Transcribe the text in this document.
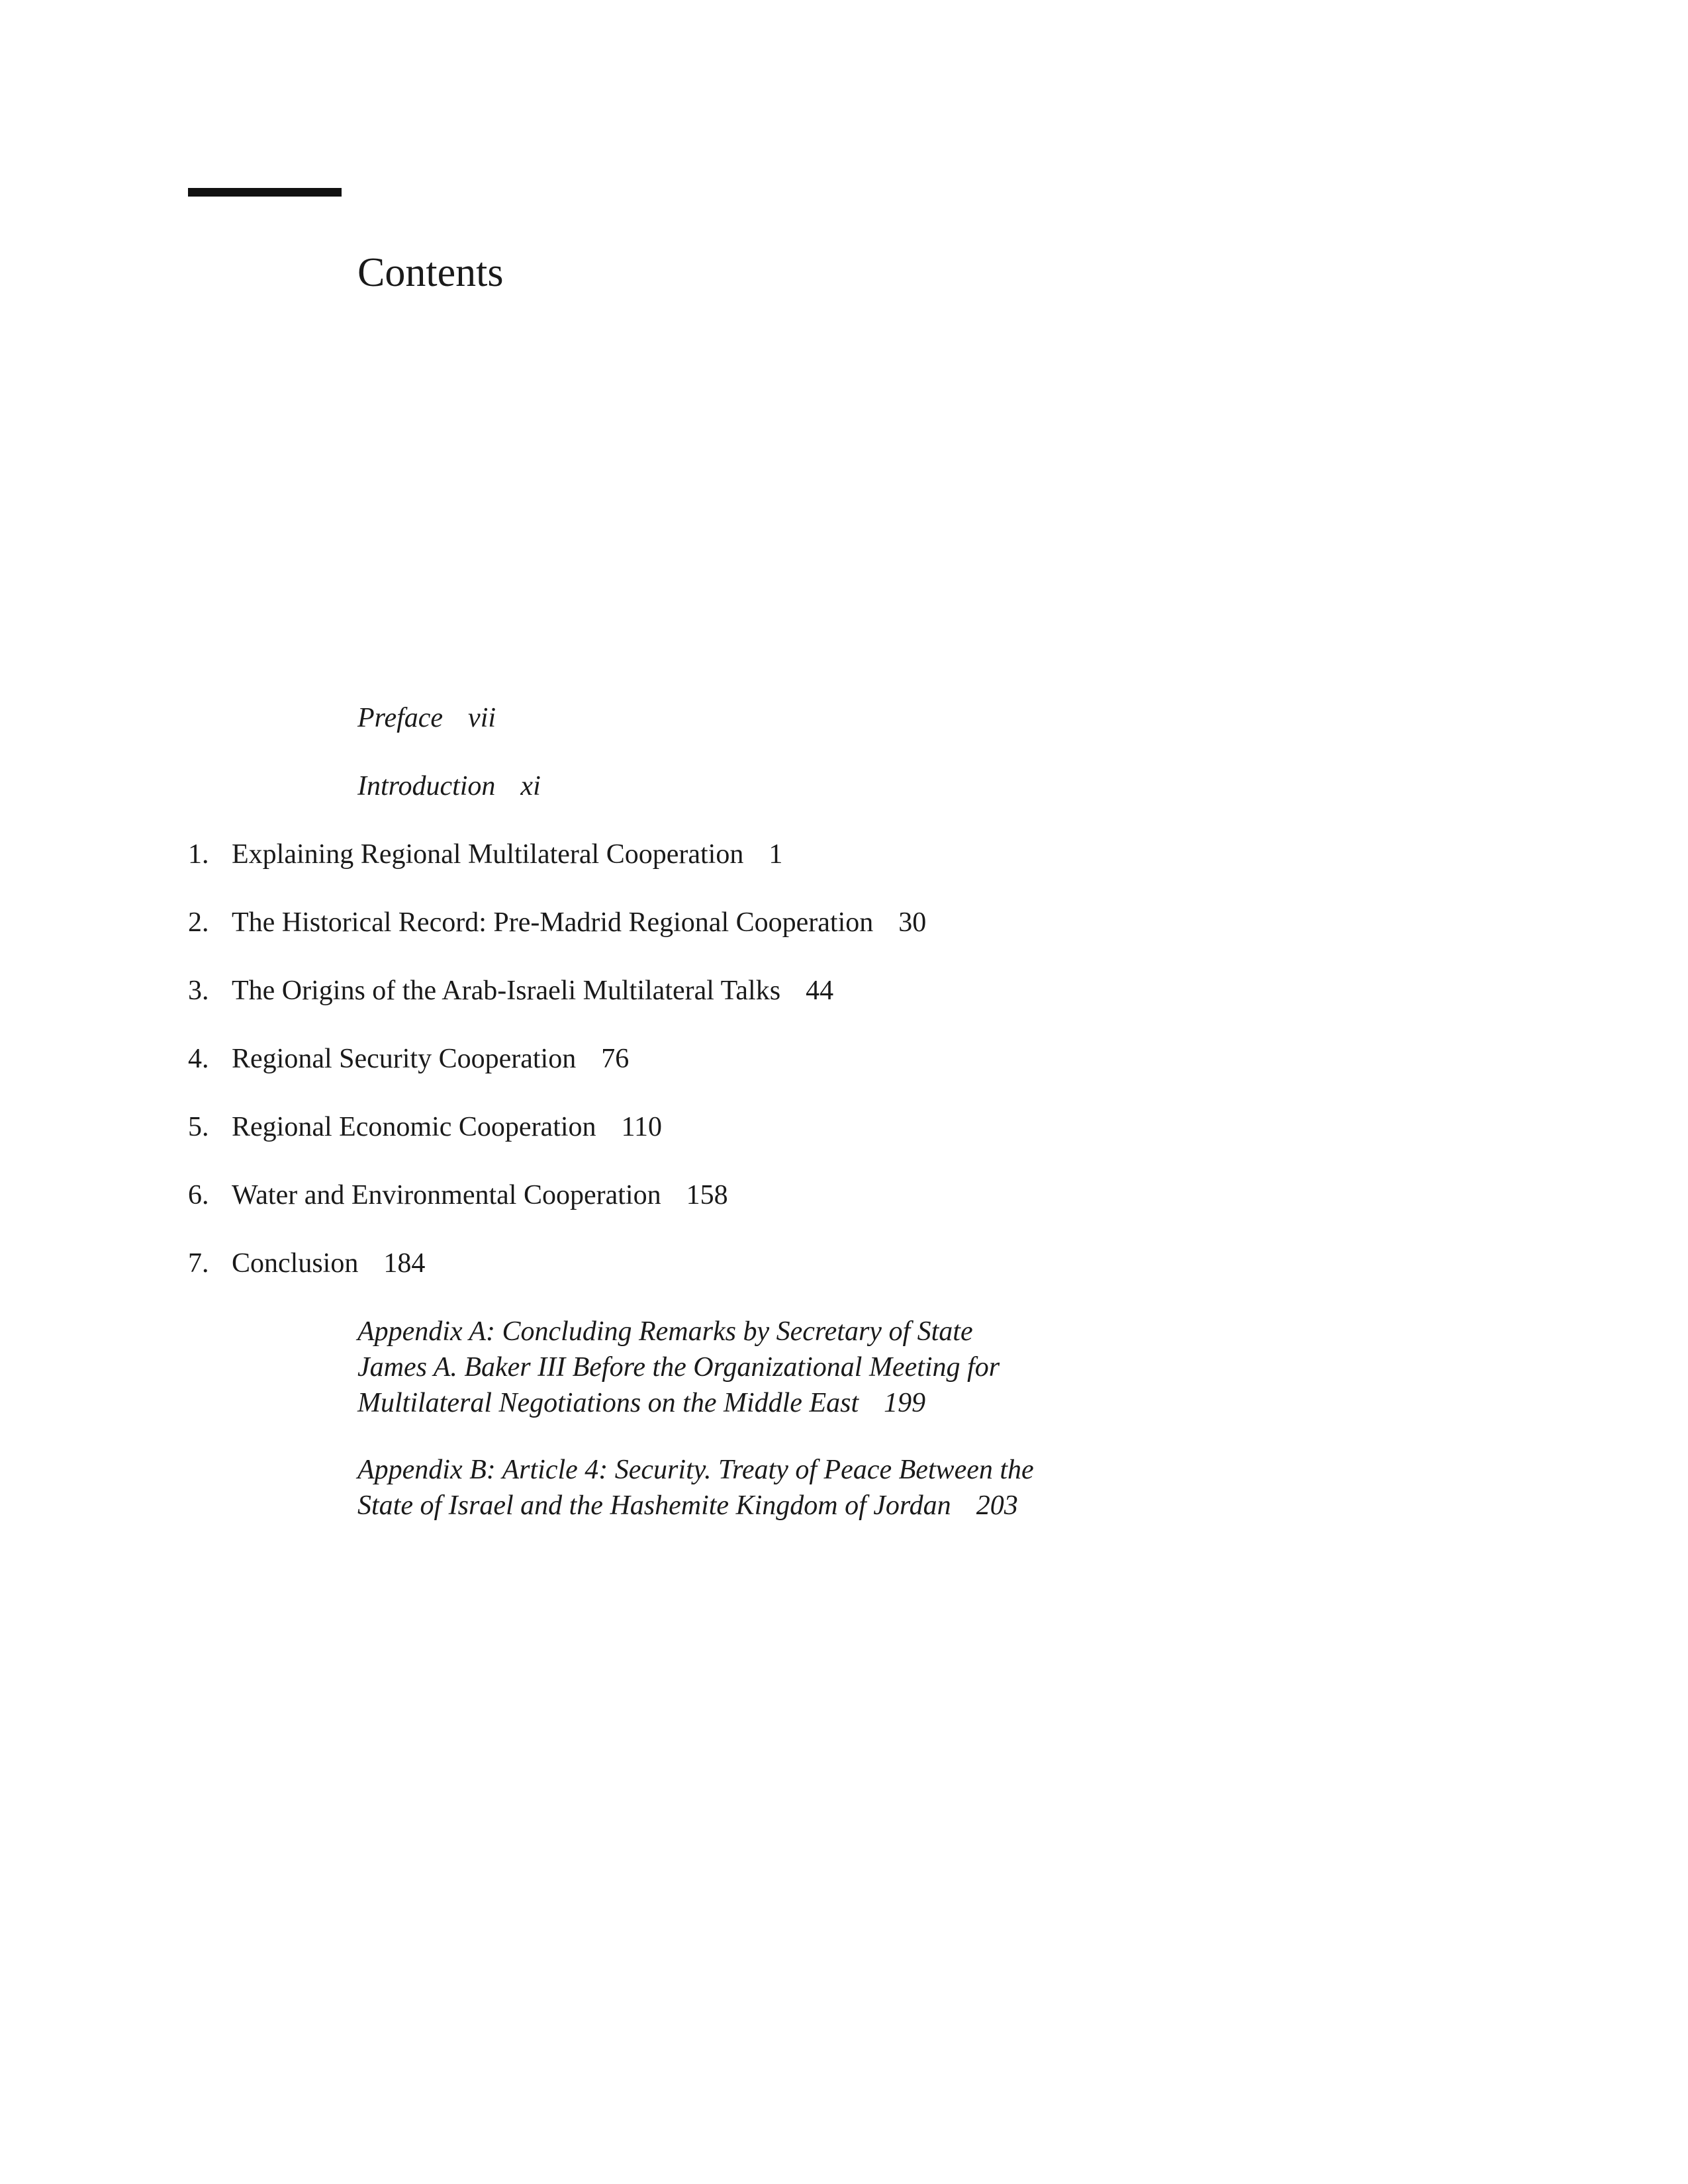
Contents
Preface vii
Introduction xi
1. Explaining Regional Multilateral Cooperation 1
2. The Historical Record: Pre-Madrid Regional Cooperation 30
3. The Origins of the Arab-Israeli Multilateral Talks 44
4. Regional Security Cooperation 76
5. Regional Economic Cooperation 110
6. Water and Environmental Cooperation 158
7. Conclusion 184
Appendix A: Concluding Remarks by Secretary of State
James A. Baker III Before the Organizational Meeting for
Multilateral Negotiations on the Middle East 199
Appendix B: Article 4: Security. Treaty of Peace Between the
State of Israel and the Hashemite Kingdom of Jordan 203
